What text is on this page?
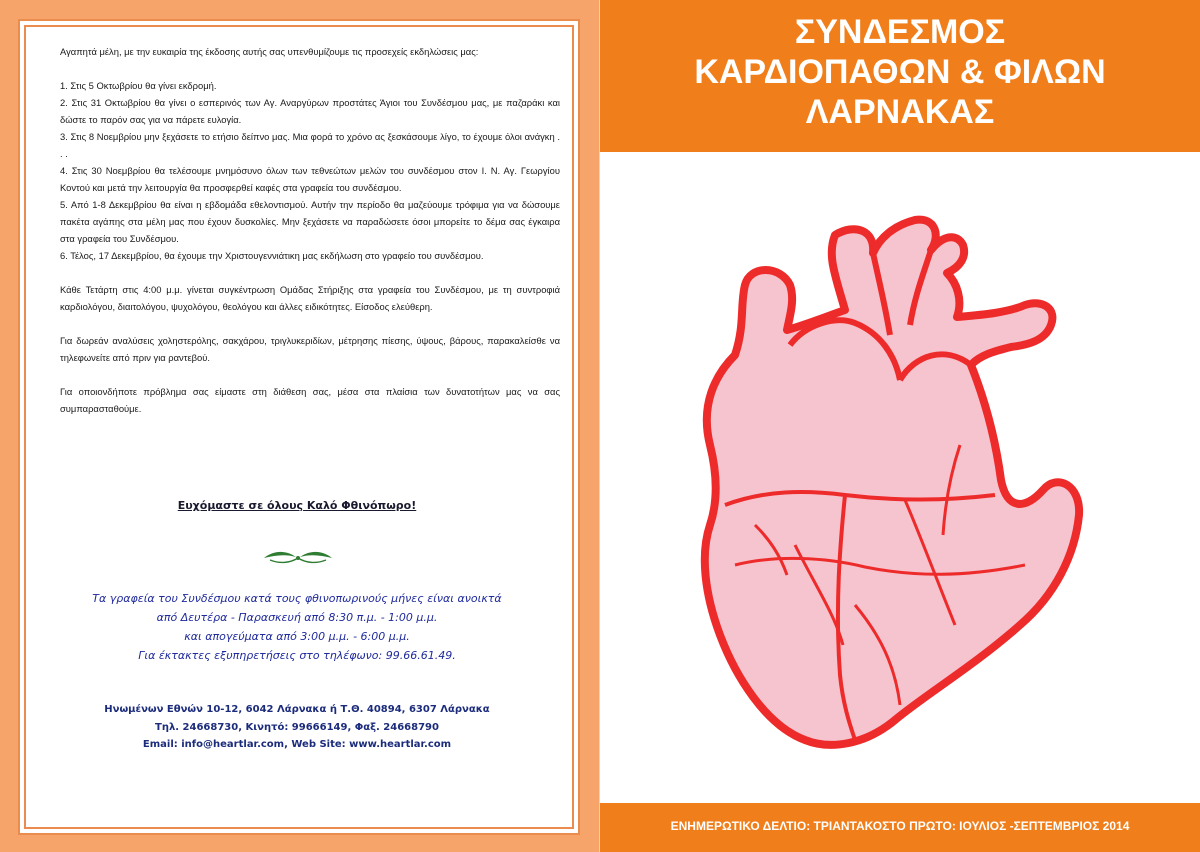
Αγαπητά μέλη, με την ευκαιρία της έκδοσης αυτής σας υπενθυμίζουμε τις προσεχείς εκδηλώσεις μας:

1. Στις 5 Οκτωβρίου θα γίνει εκδρομή.

2. Στις 31 Οκτωβρίου θα γίνει ο εσπερινός των Αγ. Αναργύρων προστάτες Άγιοι του Συνδέσμου μας, με παζαράκι και δώστε το παρόν σας για να πάρετε ευλογία.

3. Στις 8 Νοεμβρίου μην ξεχάσετε το ετήσιο δείπνο μας. Μια φορά το χρόνο ας ξεσκάσουμε λίγο, το έχουμε όλοι ανάγκη . . .

4. Στις 30 Νοεμβρίου θα τελέσουμε μνημόσυνο όλων των τεθνεώτων μελών του συνδέσμου στον Ι. Ν. Αγ. Γεωργίου Κοντού και μετά την λειτουργία θα προσφερθεί καφές στα γραφεία του συνδέσμου.

5. Από 1-8 Δεκεμβρίου θα είναι η εβδομάδα εθελοντισμού. Αυτήν την περίοδο θα μαζεύουμε τρόφιμα για να δώσουμε πακέτα αγάπης στα μέλη μας που έχουν δυσκολίες. Μην ξεχάσετε να παραδώσετε όσοι μπορείτε το δέμα σας έγκαιρα στα γραφεία του Συνδέσμου.

6. Τέλος, 17 Δεκεμβρίου, θα έχουμε την Χριστουγεννιάτικη μας εκδήλωση στο γραφείο του συνδέσμου.

Κάθε Τετάρτη στις 4:00 μ.μ. γίνεται συγκέντρωση Ομάδας Στήριξης στα γραφεία του Συνδέσμου, με τη συντροφιά καρδιολόγου, διαιτολόγου, ψυχολόγου, θεολόγου και άλλες ειδικότητες. Είσοδος ελεύθερη.

Για δωρεάν αναλύσεις χοληστερόλης, σακχάρου, τριγλυκεριδίων, μέτρησης πίεσης, ύψους, βάρους, παρακαλείσθε να τηλεφωνείτε από πριν για ραντεβού.

Για οποιονδήποτε πρόβλημα σας είμαστε στη διάθεση σας, μέσα στα πλαίσια των δυνατοτήτων μας να σας συμπαρασταθούμε.

Ευχόμαστε σε όλους Καλό Φθινόπωρο!
Τα γραφεία του Συνδέσμου κατά τους φθινοπωρινούς μήνες είναι ανοικτά
από Δευτέρα - Παρασκευή από 8:30 π.μ. - 1:00 μ.μ.
και απογεύματα από 3:00 μ.μ. - 6:00 μ.μ.
Για έκτακτες εξυπηρετήσεις στο τηλέφωνο: 99.66.61.49.
Ηνωμένων Εθνών 10-12, 6042 Λάρνακα ή Τ.Θ. 40894, 6307 Λάρνακα
Τηλ. 24668730, Κινητό: 99666149, Φαξ. 24668790
Email: info@heartlar.com, Web Site: www.heartlar.com
ΣΥΝΔΕΣΜΟΣ
ΚΑΡΔΙΟΠΑΘΩΝ & ΦΙΛΩΝ
ΛΑΡΝΑΚΑΣ
ΕΝΗΜΕΡΩΤΙΚΟ ΔΕΛΤΙΟ: ΤΡΙΑΝΤΑΚΟΣΤΟ ΠΡΩΤΟ: ΙΟΥΛΙΟΣ -ΣΕΠΤΕΜΒΡΙΟΣ 2014
